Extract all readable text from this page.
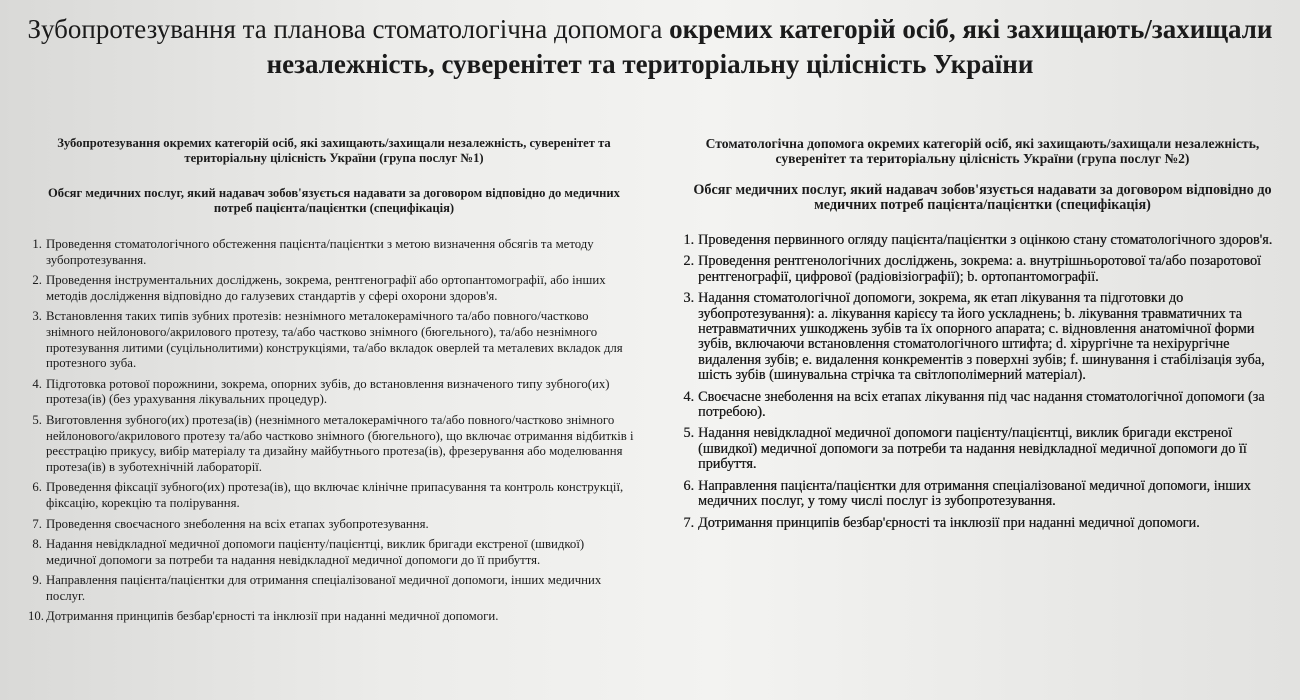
Зубопротезування та планова стоматологічна допомога окремих категорій осіб, які захищають/захищали незалежність, суверенітет та територіальну цілісність України
Зубопротезування окремих категорій осіб, які захищають/захищали незалежність, суверенітет та територіальну цілісність України (група послуг №1)
Обсяг медичних послуг, який надавач зобов'язується надавати за договором відповідно до медичних потреб пацієнта/пацієнтки (специфікація)
1. Проведення стоматологічного обстеження пацієнта/пацієнтки з метою визначення обсягів та методу зубопротезування.
2. Проведення інструментальних досліджень, зокрема, рентгенографії або ортопантомографії, або інших методів дослідження відповідно до галузевих стандартів у сфері охорони здоров'я.
3. Встановлення таких типів зубних протезів: незнімного металокерамічного та/або повного/частково знімного нейлонового/акрилового протезу, та/або частково знімного (бюгельного), та/або незнімного протезування литими (суцільнолитими) конструкціями, та/або вкладок оверлей та металевих вкладок для протезного зуба.
4. Підготовка ротової порожнини, зокрема, опорних зубів, до встановлення визначеного типу зубного(их) протеза(ів) (без урахування лікувальних процедур).
5. Виготовлення зубного(их) протеза(ів) (незнімного металокерамічного та/або повного/частково знімного нейлонового/акрилового протезу та/або частково знімного (бюгельного), що включає отримання відбитків і реєстрацію прикусу, вибір матеріалу та дизайну майбутнього протеза(ів), фрезерування або моделювання протеза(ів) в зуботехнічній лабораторії.
6. Проведення фіксації зубного(их) протеза(ів), що включає клінічне припасування та контроль конструкції, фіксацію, корекцію та полірування.
7. Проведення своєчасного знеболення на всіх етапах зубопротезування.
8. Надання невідкладної медичної допомоги пацієнту/пацієнтці, виклик бригади екстреної (швидкої) медичної допомоги за потреби та надання невідкладної медичної допомоги до її прибуття.
9. Направлення пацієнта/пацієнтки для отримання спеціалізованої медичної допомоги, інших медичних послуг.
10. Дотримання принципів безбар'єрності та інклюзії при наданні медичної допомоги.
Стоматологічна допомога окремих категорій осіб, які захищають/захищали незалежність, суверенітет та територіальну цілісність України (група послуг №2)
Обсяг медичних послуг, який надавач зобов'язується надавати за договором відповідно до медичних потреб пацієнта/пацієнтки (специфікація)
1. Проведення первинного огляду пацієнта/пацієнтки з оцінкою стану стоматологічного здоров'я.
2. Проведення рентгенологічних досліджень, зокрема: a. внутрішньоротової та/або позаротової рентгенографії, цифрової (радіовізіографії); b. ортопантомографії.
3. Надання стоматологічної допомоги, зокрема, як етап лікування та підготовки до зубопротезування): a. лікування карієсу та його ускладнень; b. лікування травматичних та нетравматичних ушкоджень зубів та їх опорного апарата; c. відновлення анатомічної форми зубів, включаючи встановлення стоматологічного штифта; d. хірургічне та нехірургічне видалення зубів; e. видалення конкрементів з поверхні зубів; f. шинування і стабілізація зуба, шість зубів (шинувальна стрічка та світлополімерний матеріал).
4. Своєчасне знеболення на всіх етапах лікування під час надання стоматологічної допомоги (за потребою).
5. Надання невідкладної медичної допомоги пацієнту/пацієнтці, виклик бригади екстреної (швидкої) медичної допомоги за потреби та надання невідкладної медичної допомоги до її прибуття.
6. Направлення пацієнта/пацієнтки для отримання спеціалізованої медичної допомоги, інших медичних послуг, у тому числі послуг із зубопротезування.
7. Дотримання принципів безбар'єрності та інклюзії при наданні медичної допомоги.
